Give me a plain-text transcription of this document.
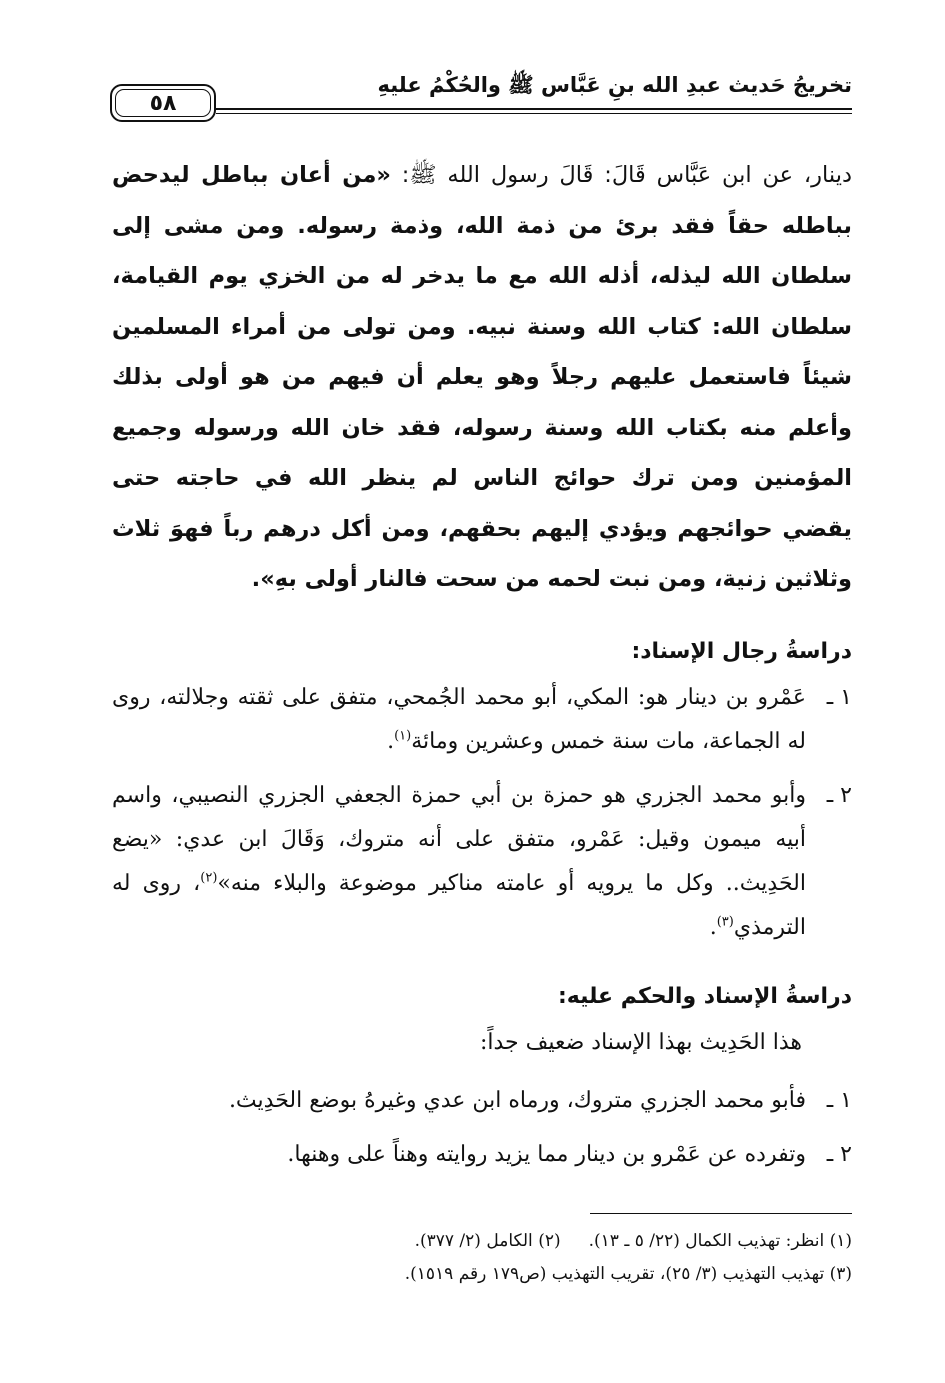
تخريجُ حَديث عبدِ الله بنِ عَبَّاس ﷺ والحُكْمُ عليهِ
٥٨

دينار، عن ابن عَبَّاس قَالَ: قَالَ رسول الله ﷺ: «من أعان بباطل ليدحض بباطله حقاً فقد برئ من ذمة الله، وذمة رسوله. ومن مشى إلى سلطان الله ليذله، أذله الله مع ما يدخر له من الخزي يوم القيامة، سلطان الله: كتاب الله وسنة نبيه. ومن تولى من أمراء المسلمين شيئاً فاستعمل عليهم رجلاً وهو يعلم أن فيهم من هو أولى بذلك وأعلم منه بكتاب الله وسنة رسوله، فقد خان الله ورسوله وجميع المؤمنين ومن ترك حوائج الناس لم ينظر الله في حاجته حتى يقضي حوائجهم ويؤدي إليهم بحقهم، ومن أكل درهم رباً فهوَ ثلاث وثلاثين زنية، ومن نبت لحمه من سحت فالنار أولى بهِ».

دراسةُ رجال الإسناد:

١ ـ
عَمْرو بن دينار هو: المكي، أبو محمد الجُمحي، متفق على ثقته وجلالته، روى له الجماعة، مات سنة خمس وعشرين ومائة$^{(١)}$.

٢ ـ
وأبو محمد الجزري هو حمزة بن أبي حمزة الجعفي الجزري النصيبي، واسم أبيه ميمون وقيل: عَمْرو، متفق على أنه متروك، وَقَالَ ابن عدي: «يضع الحَدِيث.. وكل ما يرويه أو عامته مناكير موضوعة والبلاء منه»$^{(٢)}$، روى له الترمذي$^{(٣)}$.

دراسةُ الإسناد والحكم عليه:

هذا الحَدِيث بهذا الإسناد ضعيف جداً:

١ ـ
فأبو محمد الجزري متروك، ورماه ابن عدي وغيرهُ بوضع الحَدِيث.

٢ ـ
وتفرده عن عَمْرو بن دينار مما يزيد روايته وهناً على وهنها.

(١) انظر: تهذيب الكمال (٢٢/ ٥ ـ ١٣).(٢) الكامل (٢/ ٣٧٧).
(٣) تهذيب التهذيب (٣/ ٢٥)، تقريب التهذيب (ص١٧٩ رقم ١٥١٩).
